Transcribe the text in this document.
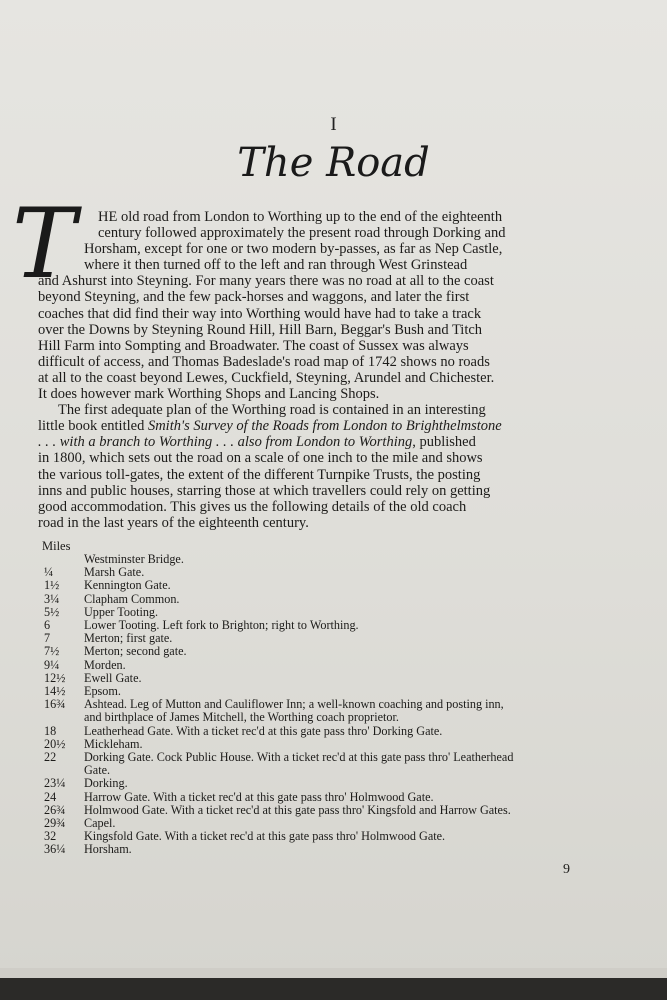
I
The Road
T	HE old road from London to Worthing up to the end of the eighteenth
century followed approximately the present road through Dorking and
Horsham, except for one or two modern by-passes, as far as Nep Castle,
where it then turned off to the left and ran through West Grinstead
and Ashurst into Steyning. For many years there was no road at all to the coast
beyond Steyning, and the few pack-horses and waggons, and later the first
coaches that did find their way into Worthing would have had to take a track
over the Downs by Steyning Round Hill, Hill Barn, Beggar's Bush and Titch
Hill Farm into Sompting and Broadwater. The coast of Sussex was always
difficult of access, and Thomas Badeslade's road map of 1742 shows no roads
at all to the coast beyond Lewes, Cuckfield, Steyning, Arundel and Chichester.
It does however mark Worthing Shops and Lancing Shops.
The first adequate plan of the Worthing road is contained in an interesting
little book entitled Smith's Survey of the Roads from London to Brighthelmstone
. . . with a branch to Worthing . . . also from London to Worthing, published
in 1800, which sets out the road on a scale of one inch to the mile and shows
the various toll-gates, the extent of the different Turnpike Trusts, the posting
inns and public houses, starring those at which travellers could rely on getting
good accommodation. This gives us the following details of the old coach
road in the last years of the eighteenth century.
Miles
Westminster Bridge.
¼	Marsh Gate.
1½	Kennington Gate.
3¼	Clapham Common.
5½	Upper Tooting.
6	Lower Tooting. Left fork to Brighton; right to Worthing.
7	Merton; first gate.
7½	Merton; second gate.
9¼	Morden.
12½	Ewell Gate.
14½	Epsom.
16¾	Ashtead. Leg of Mutton and Cauliflower Inn; a well-known coaching and posting inn,
and birthplace of James Mitchell, the Worthing coach proprietor.
18	Leatherhead Gate. With a ticket rec'd at this gate pass thro' Dorking Gate.
20½	Mickleham.
22	Dorking Gate. Cock Public House. With a ticket rec'd at this gate pass thro' Leatherhead
Gate.
23¼	Dorking.
24	Harrow Gate. With a ticket rec'd at this gate pass thro' Holmwood Gate.
26¾	Holmwood Gate. With a ticket rec'd at this gate pass thro' Kingsfold and Harrow Gates.
29¾	Capel.
32	Kingsfold Gate. With a ticket rec'd at this gate pass thro' Holmwood Gate.
36¼	Horsham.
9
